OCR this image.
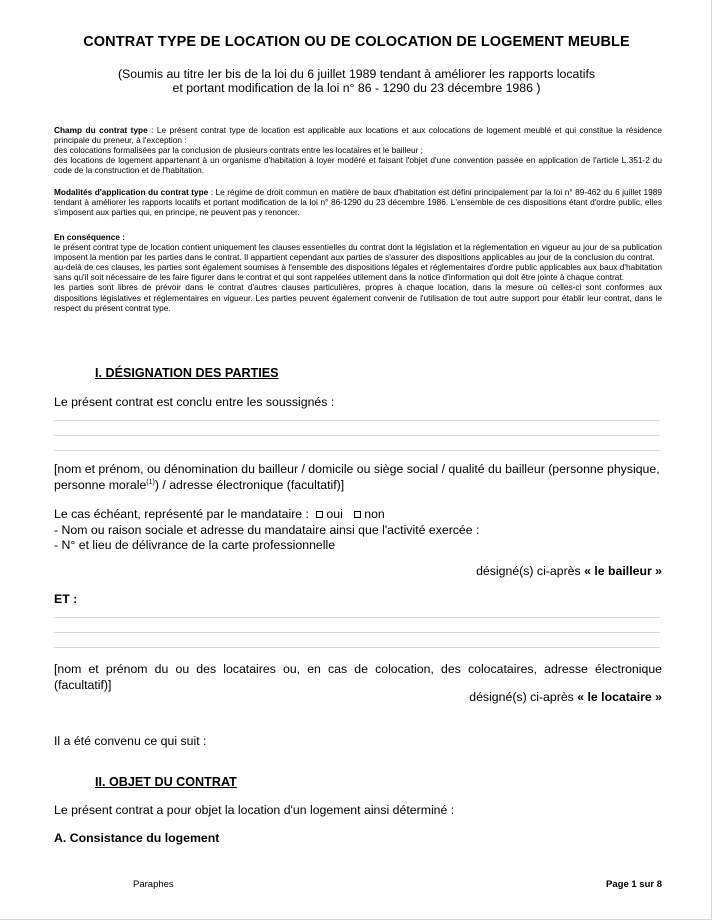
CONTRAT TYPE DE LOCATION OU DE COLOCATION DE LOGEMENT MEUBLE
(Soumis au titre Ier bis de la loi du 6 juillet 1989 tendant à améliorer les rapports locatifs
et portant modification de la loi n° 86 - 1290 du 23 décembre 1986 )
Champ du contrat type : Le présent contrat type de location est applicable aux locations et aux colocations de logement meublé et qui constitue la résidence principale du preneur, à l'exception :
des colocations formalisées par la conclusion de plusieurs contrats entre les locataires et le bailleur ;
des locations de logement appartenant à un organisme d'habitation à loyer modéré et faisant l'objet d'une convention passée en application de l'article L.351-2 du code de la construction et de l'habitation.
Modalités d'application du contrat type : Le régime de droit commun en matière de baux d'habitation est défini principalement par la loi n° 89-462 du 6 juillet 1989 tendant à améliorer les rapports locatifs et portant modification de la loi n° 86-1290 du 23 décembre 1986. L'ensemble de ces dispositions étant d'ordre public, elles s'imposent aux parties qui, en principe, ne peuvent pas y renoncer.
En conséquence :
le présent contrat type de location contient uniquement les clauses essentielles du contrat dont la législation et la réglementation en vigueur au jour de sa publication imposent la mention par les parties dans le contrat. Il appartient cependant aux parties de s'assurer des dispositions applicables au jour de la conclusion du contrat.
au-delà de ces clauses, les parties sont également soumises à l'ensemble des dispositions légales et réglementaires d'ordre public applicables aux baux d'habitation sans qu'il soit nécessaire de les faire figurer dans le contrat et qui sont rappelées utilement dans la notice d'information qui doit être jointe à chaque contrat.
les parties sont libres de prévoir dans le contrat d'autres clauses particulières, propres à chaque location, dans la mesure où celles-ci sont conformes aux dispositions législatives et réglementaires en vigueur. Les parties peuvent également convenir de l'utilisation de tout autre support pour établir leur contrat, dans le respect du présent contrat type.
I. DÉSIGNATION DES PARTIES
Le présent contrat est conclu entre les soussignés :
[nom et prénom, ou dénomination du bailleur / domicile ou siège social / qualité du bailleur (personne physique, personne morale$^{(1)}$) / adresse électronique (facultatif)]
Le cas échéant, représenté par le mandataire : oui non
- Nom ou raison sociale et adresse du mandataire ainsi que l'activité exercée :
- N° et lieu de délivrance de la carte professionnelle
désigné(s) ci-après « le bailleur »
ET :
[nom et prénom du ou des locataires ou, en cas de colocation, des colocataires, adresse électronique (facultatif)]
désigné(s) ci-après « le locataire »
Il a été convenu ce qui suit :
II. OBJET DU CONTRAT
Le présent contrat a pour objet la location d'un logement ainsi déterminé :
A. Consistance du logement
Paraphes	Page 1 sur 8
